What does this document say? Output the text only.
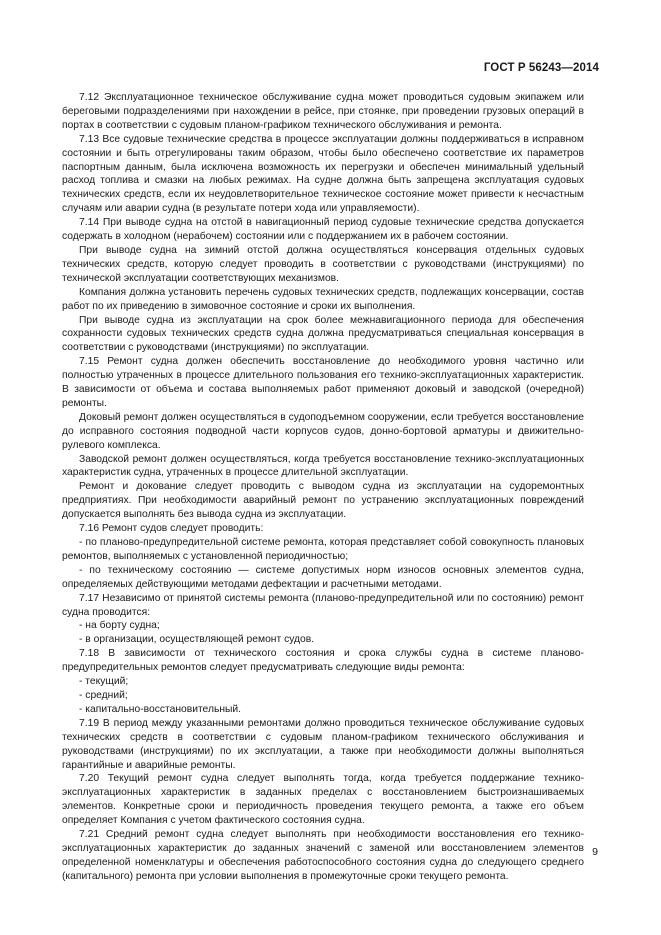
ГОСТ Р 56243—2014

7.12 Эксплуатационное техническое обслуживание судна может проводиться судовым экипажем или береговыми подразделениями при нахождении в рейсе, при стоянке, при проведении грузовых операций в портах в соответствии с судовым планом-графиком технического обслуживания и ремонта.

7.13 Все судовые технические средства в процессе эксплуатации должны поддерживаться в исправном состоянии и быть отрегулированы таким образом, чтобы было обеспечено соответствие их параметров паспортным данным, была исключена возможность их перегрузки и обеспечен минимальный удельный расход топлива и смазки на любых режимах. На судне должна быть запрещена эксплуатация судовых технических средств, если их неудовлетворительное техническое состояние может привести к несчастным случаям или аварии судна (в результате потери хода или управляемости).

7.14 При выводе судна на отстой в навигационный период судовые технические средства допускается содержать в холодном (нерабочем) состоянии или с поддержанием их в рабочем состоянии.

При выводе судна на зимний отстой должна осуществляться консервация отдельных судовых технических средств, которую следует проводить в соответствии с руководствами (инструкциями) по технической эксплуатации соответствующих механизмов.

Компания должна установить перечень судовых технических средств, подлежащих консервации, состав работ по их приведению в зимовочное состояние и сроки их выполнения.

При выводе судна из эксплуатации на срок более межнавигационного периода для обеспечения сохранности судовых технических средств судна должна предусматриваться специальная консервация в соответствии с руководствами (инструкциями) по эксплуатации.

7.15 Ремонт судна должен обеспечить восстановление до необходимого уровня частично или полностью утраченных в процессе длительного пользования его технико-эксплуатационных характеристик. В зависимости от объема и состава выполняемых работ применяют доковый и заводской (очередной) ремонты.

Доковый ремонт должен осуществляться в судоподъемном сооружении, если требуется восстановление до исправного состояния подводной части корпусов судов, донно-бортовой арматуры и движительно-рулевого комплекса.

Заводской ремонт должен осуществляться, когда требуется восстановление технико-эксплуатационных характеристик судна, утраченных в процессе длительной эксплуатации.

Ремонт и докование следует проводить с выводом судна из эксплуатации на судоремонтных предприятиях. При необходимости аварийный ремонт по устранению эксплуатационных повреждений допускается выполнять без вывода судна из эксплуатации.

7.16 Ремонт судов следует проводить:

- по планово-предупредительной системе ремонта, которая представляет собой совокупность плановых ремонтов, выполняемых с установленной периодичностью;

- по техническому состоянию — системе допустимых норм износов основных элементов судна, определяемых действующими методами дефектации и расчетными методами.

7.17 Независимо от принятой системы ремонта (планово-предупредительной или по состоянию) ремонт судна проводится:

- на борту судна;

- в организации, осуществляющей ремонт судов.

7.18 В зависимости от технического состояния и срока службы судна в системе планово-предупредительных ремонтов следует предусматривать следующие виды ремонта:

- текущий;

- средний;

- капитально-восстановительный.

7.19 В период между указанными ремонтами должно проводиться техническое обслуживание судовых технических средств в соответствии с судовым планом-графиком технического обслуживания и руководствами (инструкциями) по их эксплуатации, а также при необходимости должны выполняться гарантийные и аварийные ремонты.

7.20 Текущий ремонт судна следует выполнять тогда, когда требуется поддержание технико-эксплуатационных характеристик в заданных пределах с восстановлением быстроизнашиваемых элементов. Конкретные сроки и периодичность проведения текущего ремонта, а также его объем определяет Компания с учетом фактического состояния судна.

7.21 Средний ремонт судна следует выполнять при необходимости восстановления его технико-эксплуатационных характеристик до заданных значений с заменой или восстановлением элементов определенной номенклатуры и обеспечения работоспособного состояния судна до следующего среднего (капитального) ремонта при условии выполнения в промежуточные сроки текущего ремонта.

9
